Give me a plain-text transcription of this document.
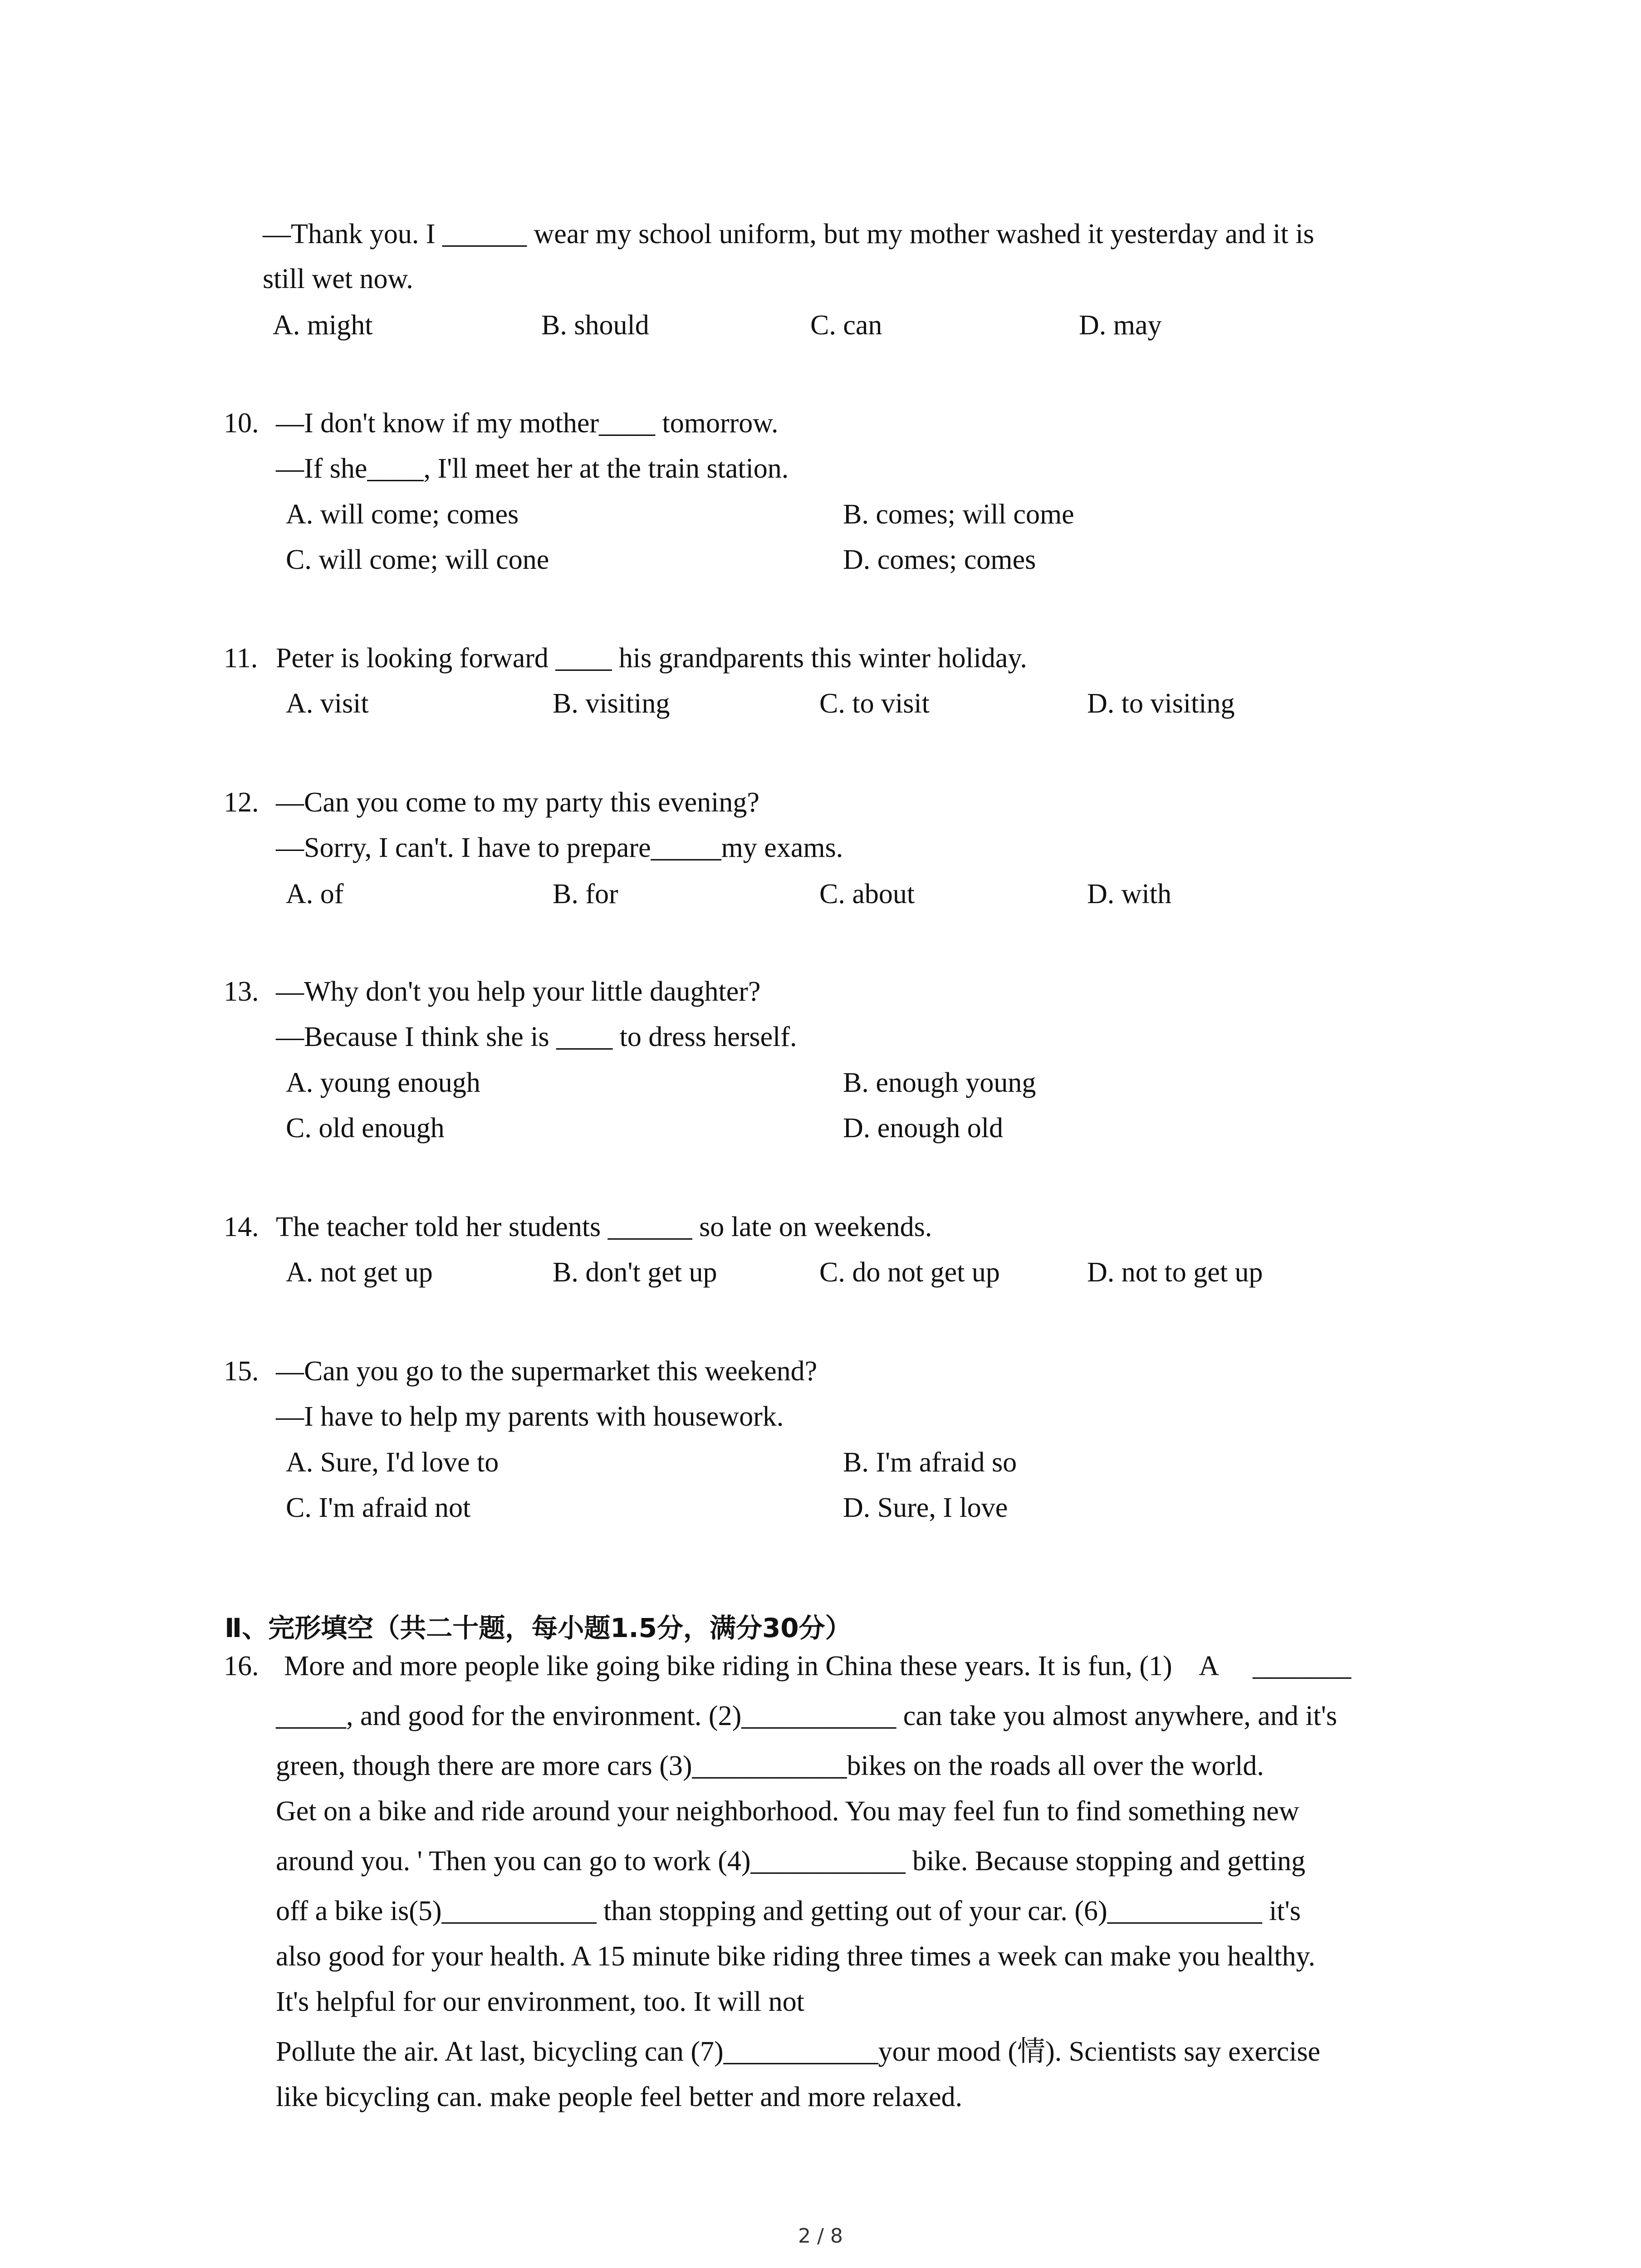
—Thank you. I ______ wear my school uniform, but my mother washed it yesterday and it is
still wet now.
A. might	B. should	C. can	D. may
10. —I don't know if my mother____ tomorrow.
—If she____, I'll meet her at the train station.
A. will come; comes	B. comes; will come
C. will come; will cone	D. comes; comes
11. Peter is looking forward ____ his grandparents this winter holiday.
A. visit	B. visiting	C. to visit	D. to visiting
12. —Can you come to my party this evening?
—Sorry, I can't. I have to prepare_____my exams.
A. of	B. for	C. about	D. with
13. —Why don't you help your little daughter?
—Because I think she is ____ to dress herself.
A. young enough	B. enough young
C. old enough	D. enough old
14. The teacher told her students ______ so late on weekends.
A. not get up	B. don't get up	C. do not get up	D. not to get up
15. —Can you go to the supermarket this weekend?
—I have to help my parents with housework.
A. Sure, I'd love to	B. I'm afraid so
C. I'm afraid not	D. Sure, I love
Ⅱ、完形填空（共二十题，每小题1.5分，满分30分）
16. More and more people like going bike riding in China these years. It is fun, (1)    A     _______
_____, and good for the environment. (2)___________ can take you almost anywhere, and it's
green, though there are more cars (3)___________bikes on the roads all over the world.
Get on a bike and ride around your neighborhood. You may feel fun to find something new
around you. ' Then you can go to work (4)___________ bike. Because stopping and getting
off a bike is(5)___________ than stopping and getting out of your car. (6)___________ it's
also good for your health. A 15 minute bike riding three times a week can make you healthy.
It's helpful for our environment, too. It will not
Pollute the air. At last, bicycling can (7)___________your mood (情). Scientists say exercise
like bicycling can. make people feel better and more relaxed.
2 / 8
